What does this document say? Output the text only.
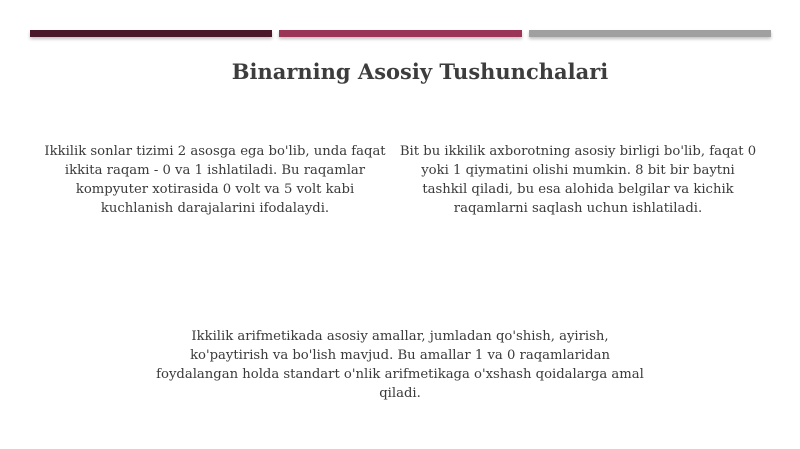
Binarning Asosiy Tushunchalari

Ikkilik sonlar tizimi 2 asosga ega bo'lib, unda faqat ikkita raqam - 0 va 1 ishlatiladi. Bu raqamlar kompyuter xotirasida 0 volt va 5 volt kabi kuchlanish darajalarini ifodalaydi.

Bit bu ikkilik axborotning asosiy birligi bo'lib, faqat 0 yoki 1 qiymatini olishi mumkin. 8 bit bir baytni tashkil qiladi, bu esa alohida belgilar va kichik raqamlarni saqlash uchun ishlatiladi.

Ikkilik arifmetikada asosiy amallar, jumladan qo'shish, ayirish, ko'paytirish va bo'lish mavjud. Bu amallar 1 va 0 raqamlaridan foydalangan holda standart o'nlik arifmetikaga o'xshash qoidalarga amal qiladi.
